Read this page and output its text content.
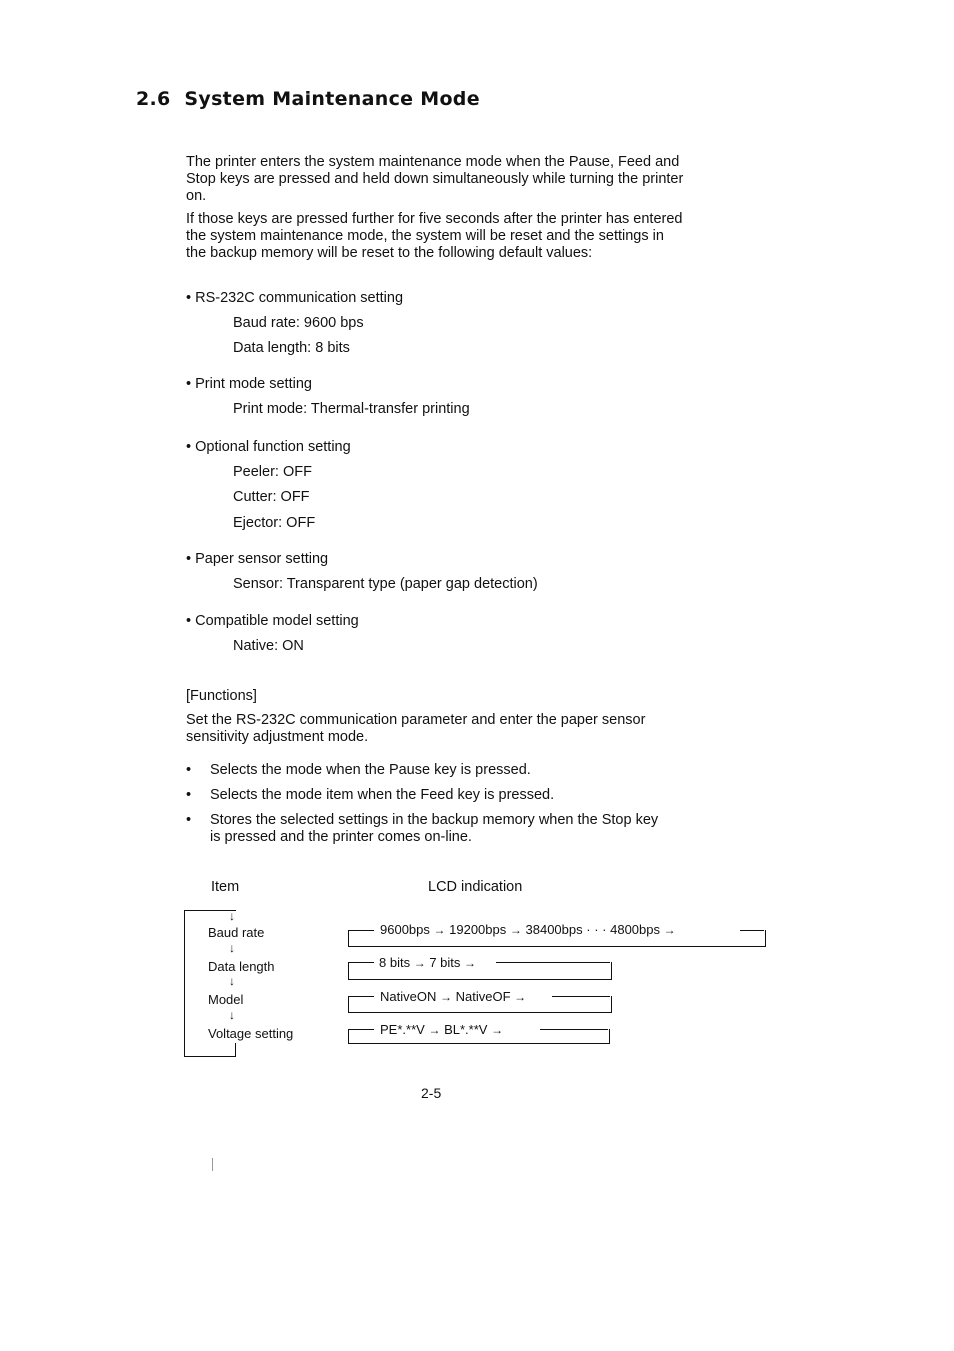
2.6 System Maintenance Mode

The printer enters the system maintenance mode when the Pause, Feed and Stop keys are pressed and held down simultaneously while turning the printer on.

If those keys are pressed further for five seconds after the printer has entered the system maintenance mode, the system will be reset and the settings in the backup memory will be reset to the following default values:

• RS-232C communication setting
Baud rate: 9600 bps
Data length: 8 bits
• Print mode setting
Print mode: Thermal-transfer printing
• Optional function setting
Peeler: OFF
Cutter: OFF
Ejector: OFF
• Paper sensor setting
Sensor: Transparent type (paper gap detection)
• Compatible model setting
Native: ON
[Functions]

Set the RS-232C communication parameter and enter the paper sensor sensitivity adjustment mode.

• Selects the mode when the Pause key is pressed.
• Selects the mode item when the Feed key is pressed.
• Stores the selected settings in the backup memory when the Stop key is pressed and the printer comes on-line.

Item	LCD indication
↓
Baud rate
↓
Data length
↓
Model
↓
Voltage setting
9600bps → 19200bps → 38400bps · · · 4800bps →
8 bits → 7 bits →
NativeON → NativeOF →
PE*.**V → BL*.**V →
2-5
